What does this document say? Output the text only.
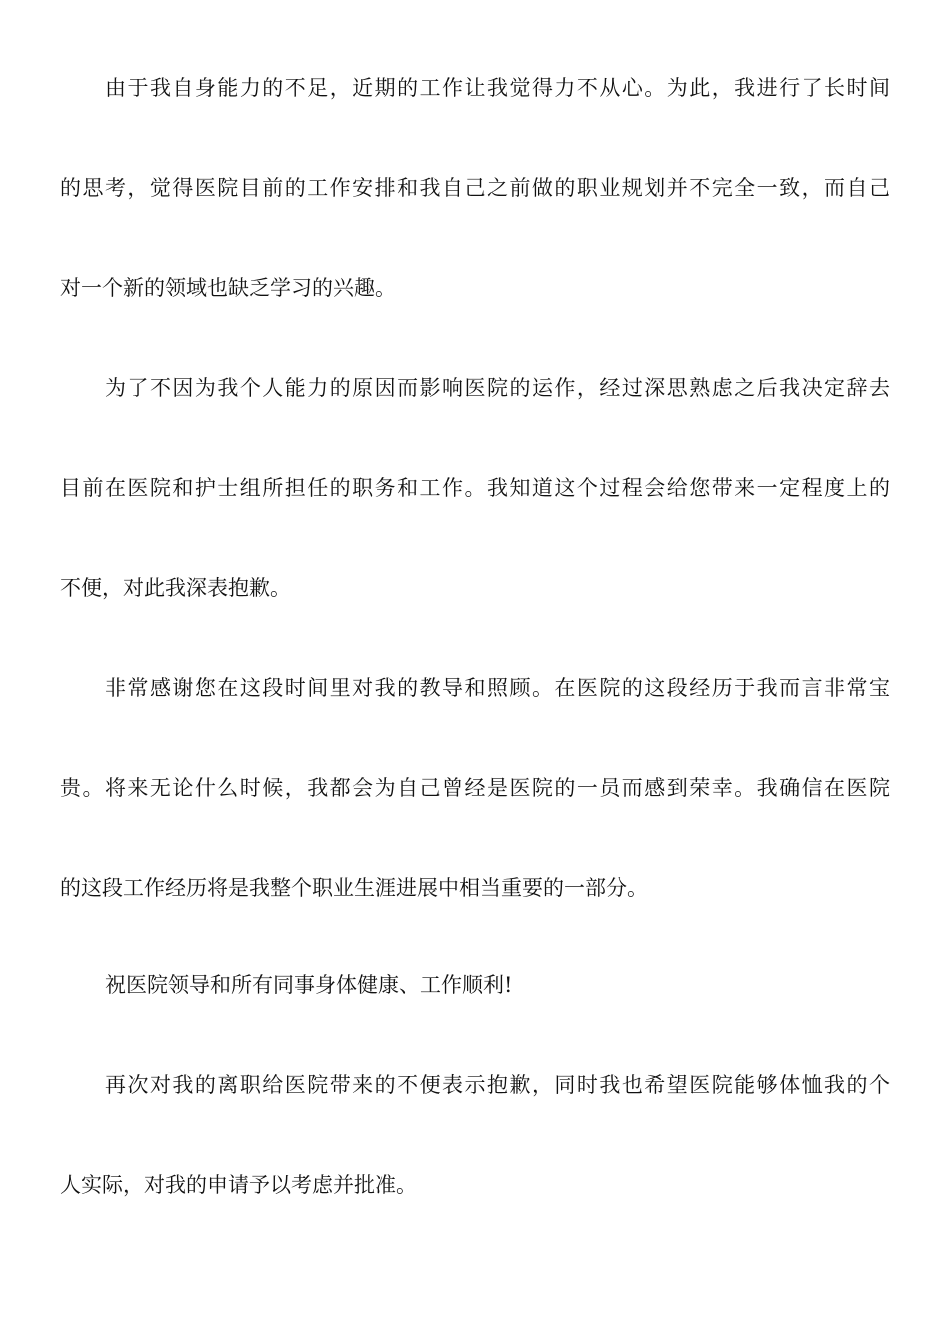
由于我自身能力的不足，近期的工作让我觉得力不从心。为此，我进行了长时间
的思考，觉得医院目前的工作安排和我自己之前做的职业规划并不完全一致，而自己
对一个新的领域也缺乏学习的兴趣。
为了不因为我个人能力的原因而影响医院的运作，经过深思熟虑之后我决定辞去
目前在医院和护士组所担任的职务和工作。我知道这个过程会给您带来一定程度上的
不便，对此我深表抱歉。
非常感谢您在这段时间里对我的教导和照顾。在医院的这段经历于我而言非常宝
贵。将来无论什么时候，我都会为自己曾经是医院的一员而感到荣幸。我确信在医院
的这段工作经历将是我整个职业生涯进展中相当重要的一部分。
祝医院领导和所有同事身体健康、工作顺利!
再次对我的离职给医院带来的不便表示抱歉，同时我也希望医院能够体恤我的个
人实际，对我的申请予以考虑并批准。
